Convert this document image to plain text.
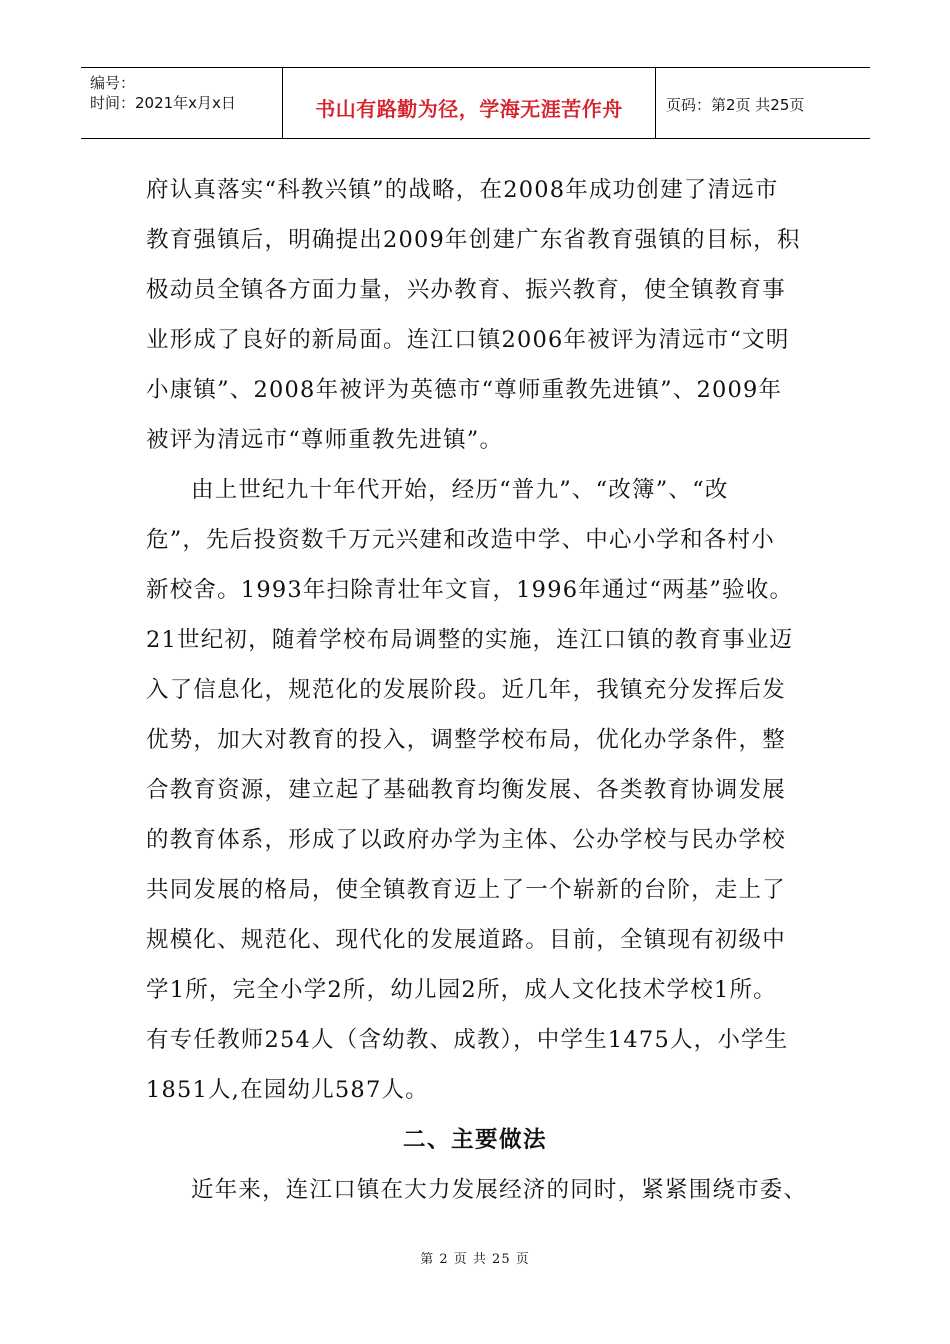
编号：
时间：2021年x月x日	书山有路勤为径，学海无涯苦作舟	页码：第2页 共25页
府认真落实“科教兴镇”的战略，在2008年成功创建了清远市
教育强镇后，明确提出2009年创建广东省教育强镇的目标，积
极动员全镇各方面力量，兴办教育、振兴教育，使全镇教育事
业形成了良好的新局面。连江口镇2006年被评为清远市“文明
小康镇”、2008年被评为英德市“尊师重教先进镇”、2009年
被评为清远市“尊师重教先进镇”。
由上世纪九十年代开始，经历“普九”、“改簿”、“改
危”，先后投资数千万元兴建和改造中学、中心小学和各村小
新校舍。1993年扫除青壮年文盲，1996年通过“两基”验收。
21世纪初，随着学校布局调整的实施，连江口镇的教育事业迈
入了信息化，规范化的发展阶段。近几年，我镇充分发挥后发
优势，加大对教育的投入，调整学校布局，优化办学条件，整
合教育资源，建立起了基础教育均衡发展、各类教育协调发展
的教育体系，形成了以政府办学为主体、公办学校与民办学校
共同发展的格局，使全镇教育迈上了一个崭新的台阶，走上了
规模化、规范化、现代化的发展道路。目前，全镇现有初级中
学1所，完全小学2所，幼儿园2所，成人文化技术学校1所。
有专任教师254人（含幼教、成教），中学生1475人，小学生
1851人,在园幼儿587人。
二、主要做法
近年来，连江口镇在大力发展经济的同时，紧紧围绕市委、
第 2 页 共 25 页
